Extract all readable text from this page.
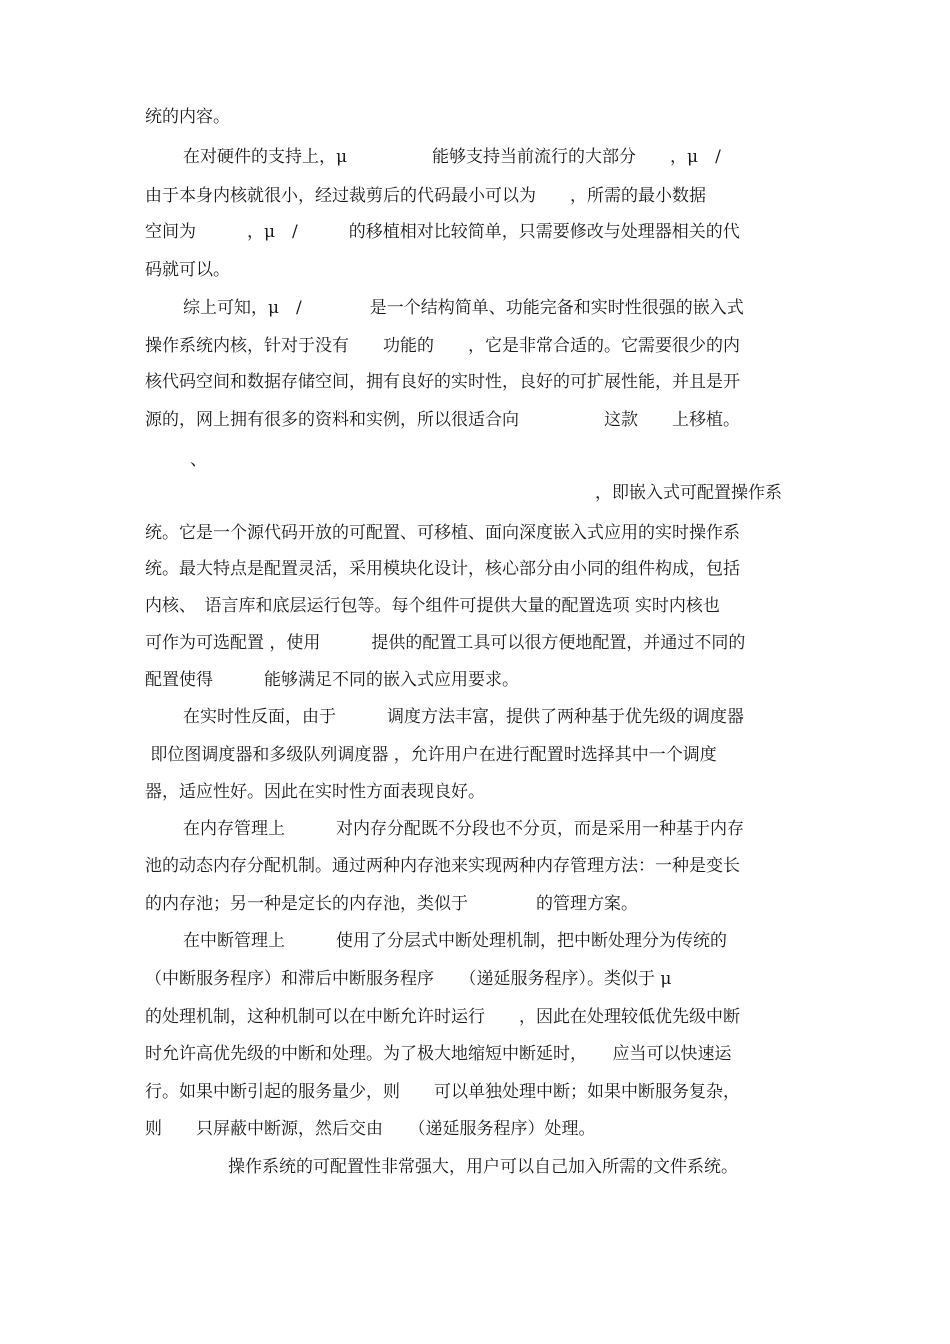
统的内容。
在对硬件的支持上，μ　　　　　能够支持当前流行的大部分　　，μ　/
由于本身内核就很小，经过裁剪后的代码最小可以为　　，所需的最小数据
空间为　　　，μ　/　　　的移植相对比较简单，只需要修改与处理器相关的代
码就可以。
综上可知，μ　/　　　　是一个结构简单、功能完备和实时性很强的嵌入式
操作系统内核，针对于没有　　功能的　　，它是非常合适的。它需要很少的内
核代码空间和数据存储空间，拥有良好的实时性，良好的可扩展性能，并且是开
源的，网上拥有很多的资料和实例，所以很适合向　　　　　这款　　上移植。
、
，即嵌入式可配置操作系
统。它是一个源代码开放的可配置、可移植、面向深度嵌入式应用的实时操作系
统。最大特点是配置灵活，采用模块化设计，核心部分由小同的组件构成，包括
内核、　语言库和底层运行包等。每个组件可提供大量的配置选项 实时内核也
可作为可选配置 ，使用　　　提供的配置工具可以很方便地配置，并通过不同的
配置使得　　　能够满足不同的嵌入式应用要求。
在实时性反面，由于　　　调度方法丰富，提供了两种基于优先级的调度器
即位图调度器和多级队列调度器 ，允许用户在进行配置时选择其中一个调度
器，适应性好。因此在实时性方面表现良好。
在内存管理上　　　对内存分配既不分段也不分页，而是采用一种基于内存
池的动态内存分配机制。通过两种内存池来实现两种内存管理方法：一种是变长
的内存池；另一种是定长的内存池，类似于　　　　的管理方案。
在中断管理上　　　使用了分层式中断处理机制，把中断处理分为传统的
（中断服务程序）和滞后中断服务程序　　（递延服务程序）。类似于 μ
的处理机制，这种机制可以在中断允许时运行　　，因此在处理较低优先级中断
时允许高优先级的中断和处理。为了极大地缩短中断延时，　　应当可以快速运
行。如果中断引起的服务量少，则　　可以单独处理中断；如果中断服务复杂，
则　　只屏蔽中断源，然后交由　　（递延服务程序）处理。
操作系统的可配置性非常强大，用户可以自己加入所需的文件系统。
